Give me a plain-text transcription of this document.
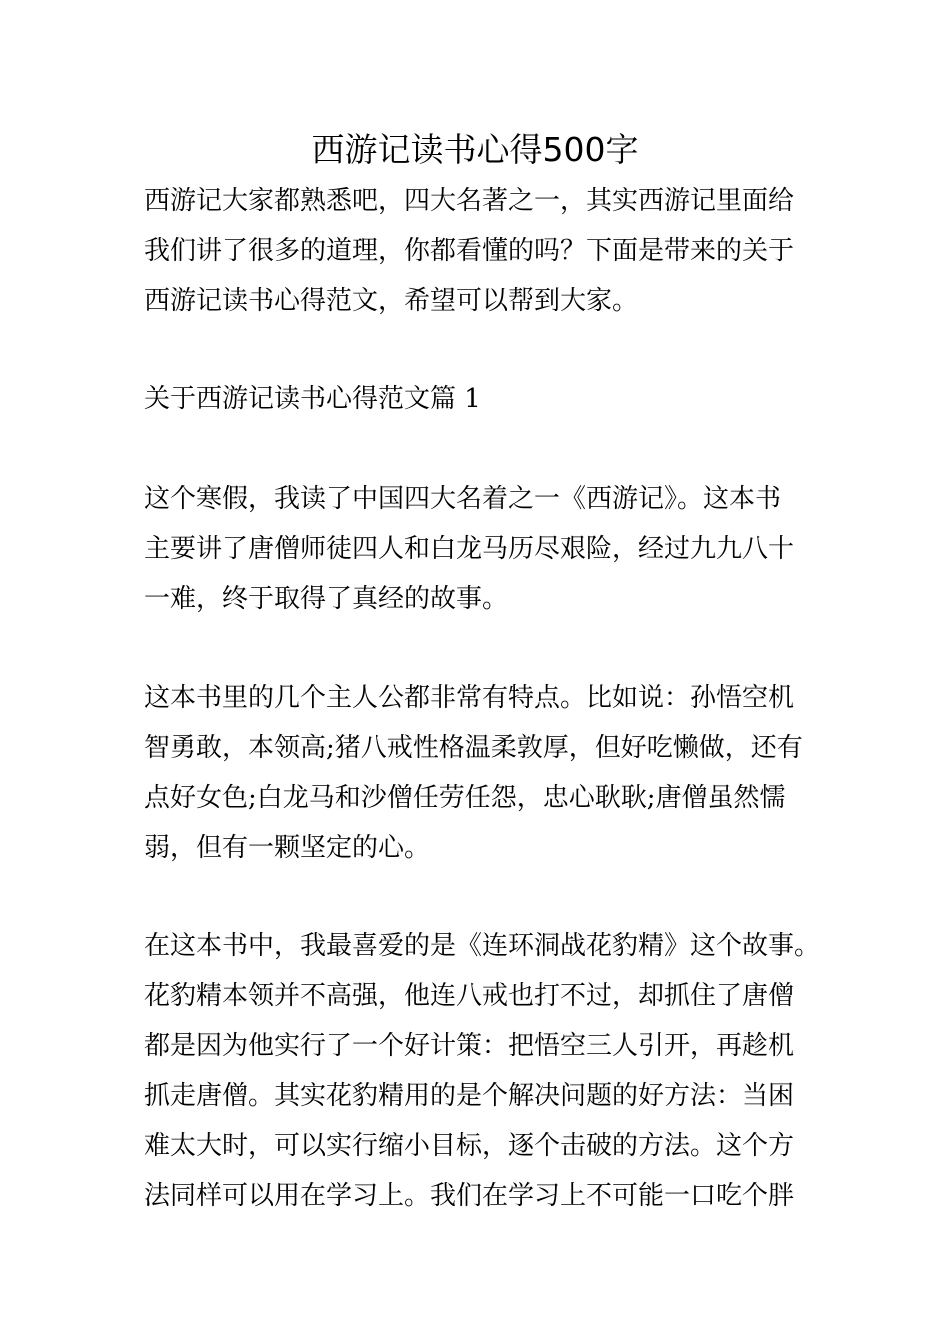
西游记读书心得500字

西游记大家都熟悉吧，四大名著之一，其实西游记里面给

我们讲了很多的道理，你都看懂的吗？下面是带来的关于

西游记读书心得范文，希望可以帮到大家。

关于西游记读书心得范文篇 1

这个寒假，我读了中国四大名着之一《西游记》。这本书

主要讲了唐僧师徒四人和白龙马历尽艰险，经过九九八十

一难，终于取得了真经的故事。

这本书里的几个主人公都非常有特点。比如说：孙悟空机

智勇敢，本领高;猪八戒性格温柔敦厚，但好吃懒做，还有

点好女色;白龙马和沙僧任劳任怨，忠心耿耿;唐僧虽然懦

弱，但有一颗坚定的心。

在这本书中，我最喜爱的是《连环洞战花豹精》这个故事。

花豹精本领并不高强，他连八戒也打不过，却抓住了唐僧

都是因为他实行了一个好计策：把悟空三人引开，再趁机

抓走唐僧。其实花豹精用的是个解决问题的好方法：当困

难太大时，可以实行缩小目标，逐个击破的方法。这个方

法同样可以用在学习上。我们在学习上不可能一口吃个胖
